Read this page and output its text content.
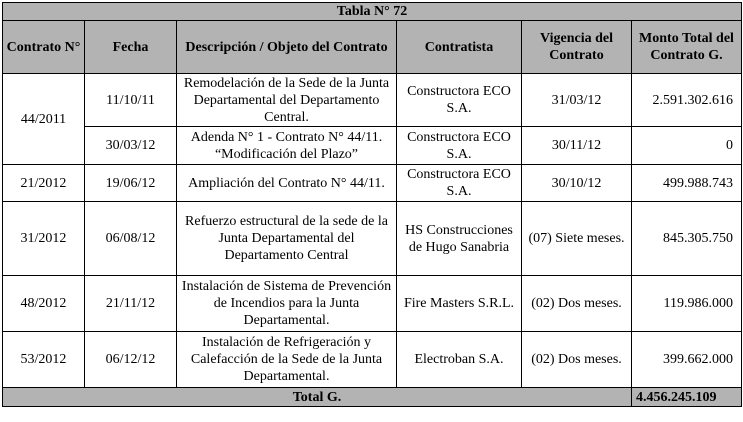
Tabla N° 72					
Contrato N°	Fecha	Descripción / Objeto del Contrato	Contratista	Vigencia del Contrato	Monto Total del Contrato G.
44/2011	11/10/11	Remodelación de la Sede de la Junta Departamental del Departamento Central.	Constructora ECO S.A.	31/03/12	2.591.302.616
	30/03/12	Adenda N° 1 - Contrato N° 44/11. “Modificación del Plazo”	Constructora ECO S.A.	30/11/12	0
21/2012	19/06/12	Ampliación del Contrato N° 44/11.	Constructora ECO S.A.	30/10/12	499.988.743
31/2012	06/08/12	Refuerzo estructural de la sede de la Junta Departamental del Departamento Central	HS Construcciones de Hugo Sanabria	(07) Siete meses.	845.305.750
48/2012	21/11/12	Instalación de Sistema de Prevención de Incendios para la Junta Departamental.	Fire Masters S.R.L.	(02) Dos meses.	119.986.000
53/2012	06/12/12	Instalación de Refrigeración y Calefacción de la Sede de la Junta Departamental.	Electroban S.A.	(02) Dos meses.	399.662.000
Total G.					4.456.245.109
